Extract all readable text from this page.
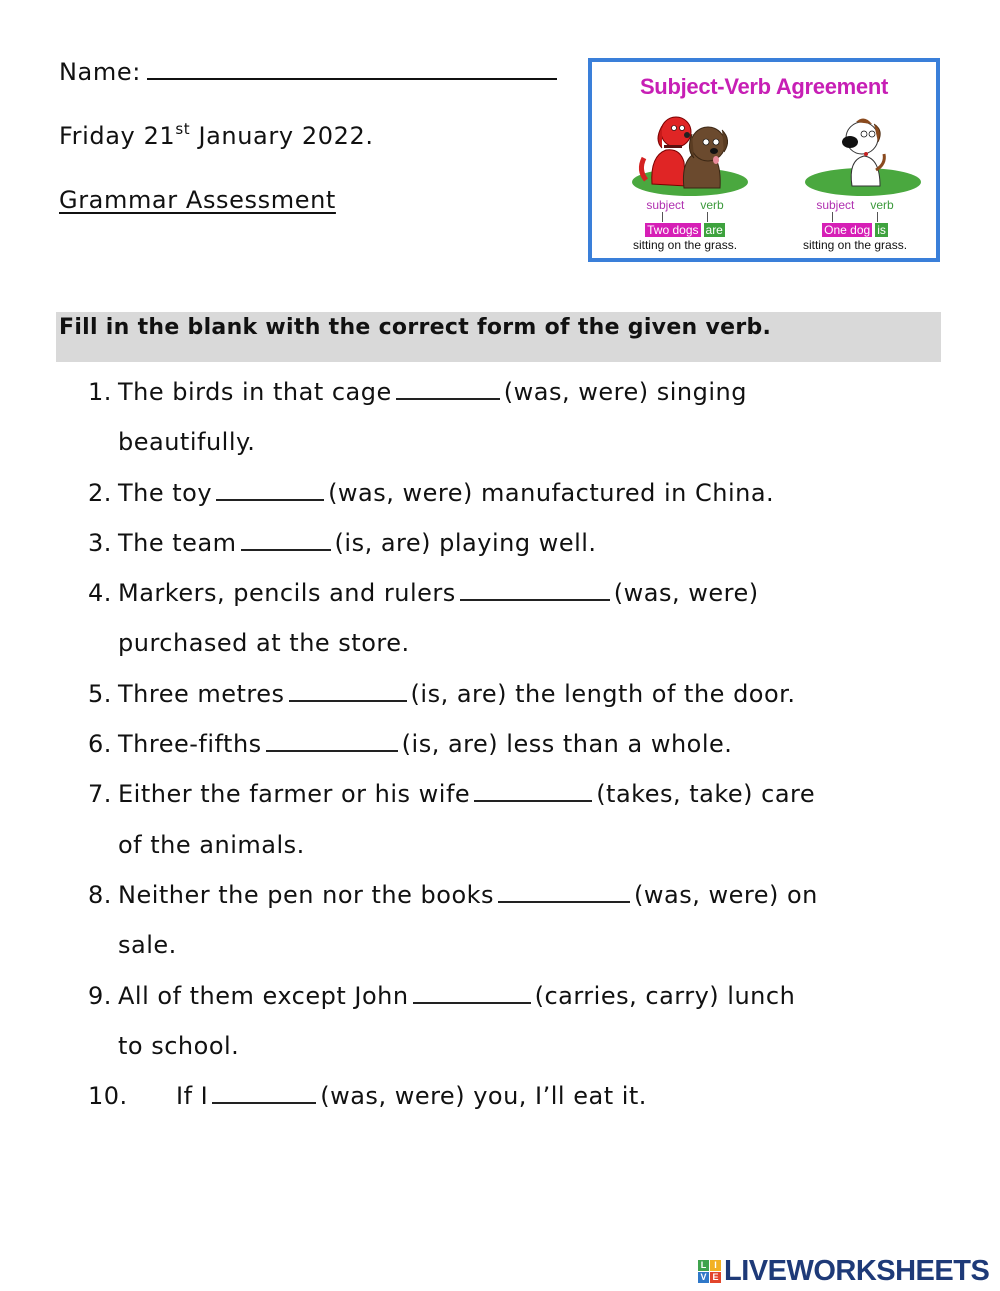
Name:
Friday 21st January 2022.
Grammar Assessment
Subject-Verb Agreement
subject verb
Two dogs are
sitting on the grass.
subject verb
One dog is
sitting on the grass.
Fill in the blank with the correct form of the given verb.
1. The birds in that cage	(was, were) singing
beautifully.
2. The toy	(was, were) manufactured in China.
3. The team	(is, are) playing well.
4. Markers, pencils and rulers	(was, were)
purchased at the store.
5. Three metres	(is, are) the length of the door.
6. Three-fifths	(is, are) less than a whole.
7. Either the farmer or his wife	(takes, take) care
of the animals.
8. Neither the pen nor the books	(was, were) on
sale.
9. All of them except John	(carries, carry) lunch
to school.
10. If I	(was, were) you, I’ll eat it.
L I
V E LIVEWORKSHEETS
